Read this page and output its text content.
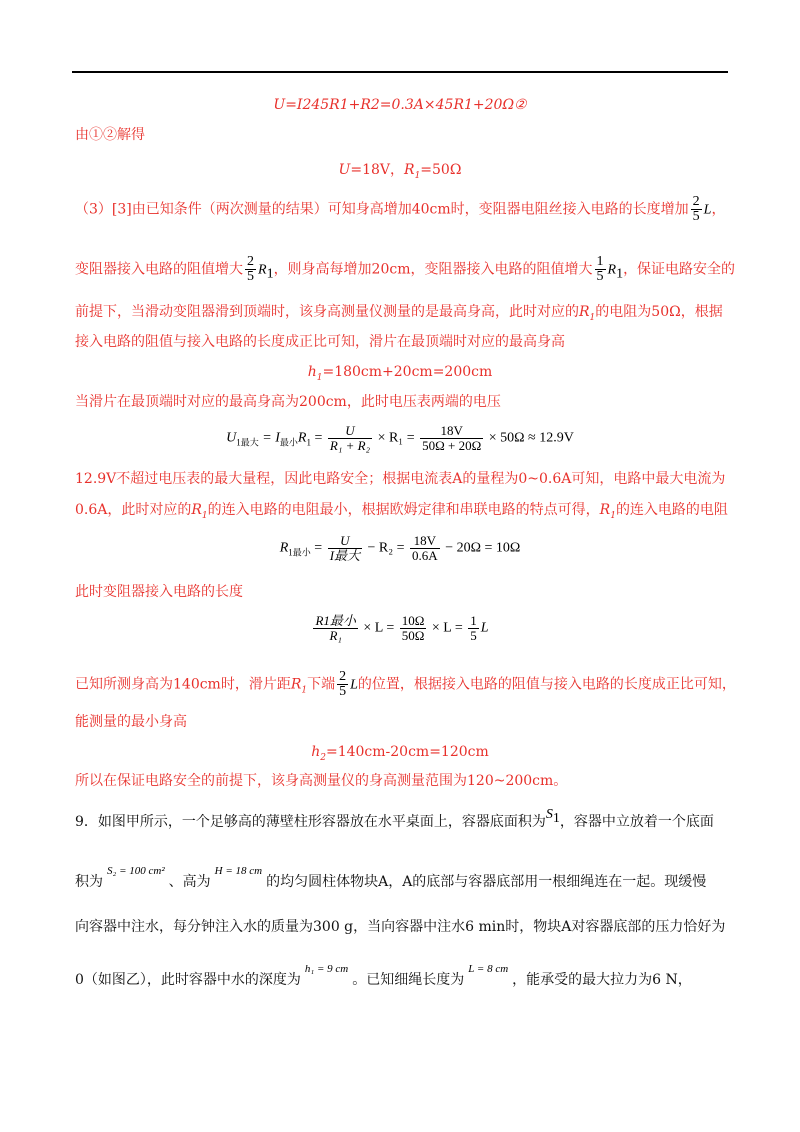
U=I245R1+R2=0.3A×45R1+20Ω②
由①②解得
U=18V，$R_1=50\Omega$
（3）[3]由已知条件（两次测量的结果）可知身高增加40cm时，变阻器电阻丝接入电路的长度增加 $\frac{2}{5}$ L，
变阻器接入电路的阻值增大 $\frac{2}{5} R_1$，则身高每增加20cm，变阻器接入电路的阻值增大 $\frac{1}{5} R_1$，保证电路安全的
前提下，当滑动变阻器滑到顶端时，该身高测量仪测量的是最高身高，此时对应的$R_1$的电阻为50Ω，根据
接入电路的阻值与接入电路的长度成正比可知，滑片在最顶端时对应的最高身高
$h_1=180cm+20cm=200cm$
当滑片在最顶端时对应的最高身高为200cm，此时电压表两端的电压
$U_{1最大} = I_{最小}R_1 = \frac{U}{\text{R₁ + R₂}} \times R_1 = \frac{18V}{50\Omega + 20\Omega} \times 50\Omega \approx 12.9V$
12.9V不超过电压表的最大量程，因此电路安全；根据电流表A的量程为0~0.6A可知，电路中最大电流为
0.6A，此时对应的$R_1$的连入电路的电阻最小，根据欧姆定律和串联电路的特点可得，$R_1$的连入电路的电阻
$R_{1最小} = \frac{U}{\text{I最大}} - R_2 = \frac{18V}{0.6A} - 20\Omega = 10\Omega$
此时变阻器接入电路的长度
$\frac{\text{R1最小}}{\text{R₁}} \times L = \frac{10\Omega}{50\Omega} \times L = \frac{1}{5}$ L
已知所测身高为140cm时，滑片距$R_1$下端 $\frac{2}{5}$ L的位置，根据接入电路的阻值与接入电路的长度成正比可知，
能测量的最小身高
$h_2=140cm-20cm=120cm$
所以在保证电路安全的前提下，该身高测量仪的身高测量范围为120~200cm。
9．如图甲所示，一个足够高的薄壁柱形容器放在水平桌面上，容器底面积为$S_1$，容器中立放着一个底面
积为$^{S_2 = 100 cm^2}$、高为$^{H = 18 cm}$的均匀圆柱体物块A，A的底部与容器底部用一根细绳连在一起。现缓慢
向容器中注水，每分钟注入水的质量为300 g，当向容器中注水6 min时，物块A对容器底部的压力恰好为
0（如图乙），此时容器中水的深度为$^{h_1 = 9 cm}$。已知细绳长度为$^{L = 8 cm}$，能承受的最大拉力为6 N，
